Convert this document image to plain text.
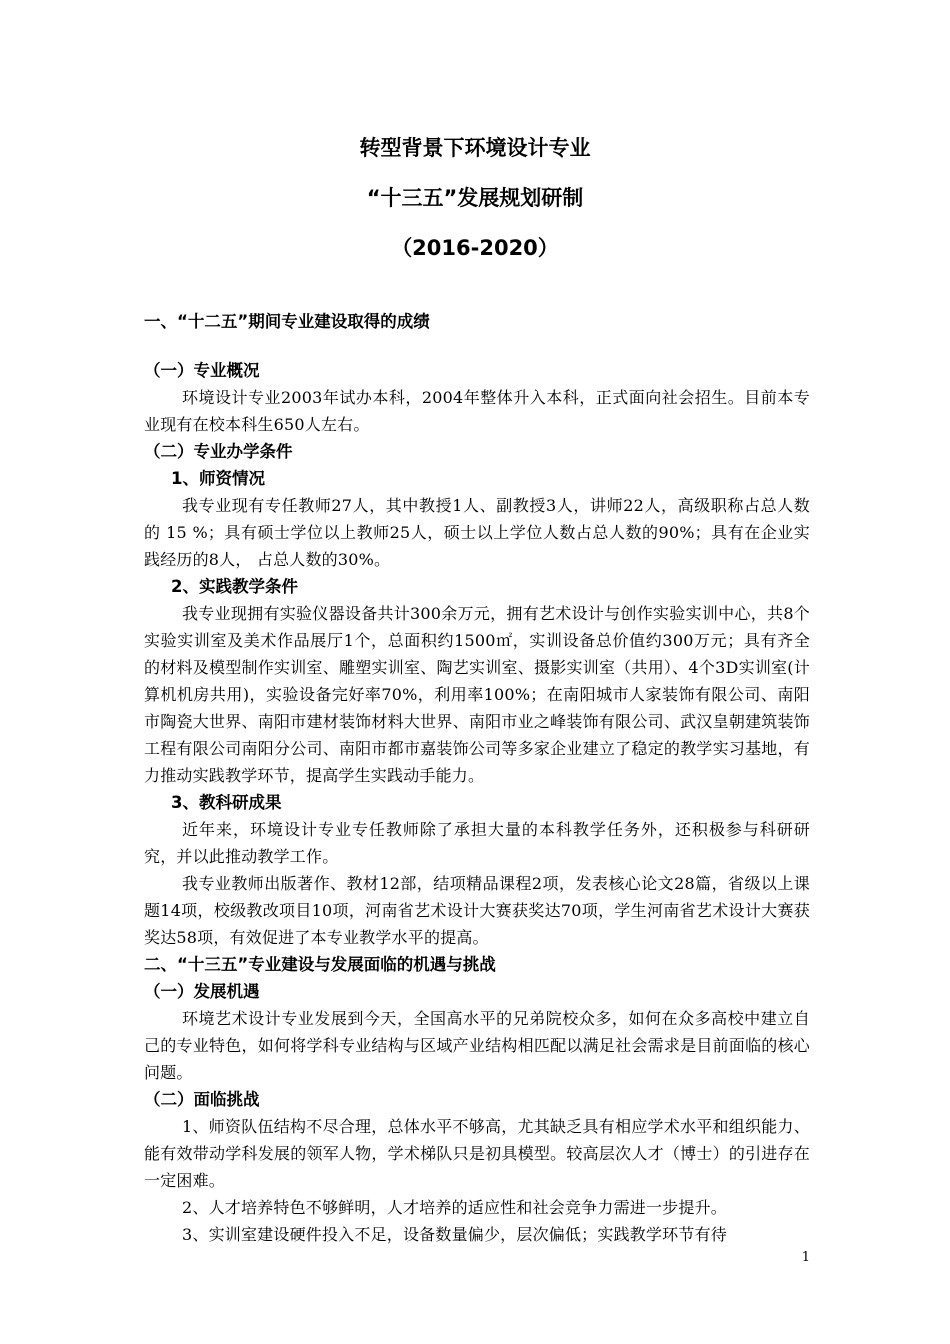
转型背景下环境设计专业
“十三五”发展规划研制
（2016-2020）
一、“十二五”期间专业建设取得的成绩
（一）专业概况
环境设计专业2003年试办本科，2004年整体升入本科，正式面向社会招生。目前本专业现有在校本科生650人左右。
（二）专业办学条件
1、师资情况
我专业现有专任教师27人，其中教授1人、副教授3人，讲师22人，高级职称占总人数的 15 %；具有硕士学位以上教师25人，硕士以上学位人数占总人数的90%；具有在企业实践经历的8人， 占总人数的30%。
2、实践教学条件
我专业现拥有实验仪器设备共计300余万元，拥有艺术设计与创作实验实训中心，共8个实验实训室及美术作品展厅1个，总面积约1500㎡，实训设备总价值约300万元；具有齐全的材料及模型制作实训室、雕塑实训室、陶艺实训室、摄影实训室（共用）、4个3D实训室(计算机机房共用)，实验设备完好率70%，利用率100%；在南阳城市人家装饰有限公司、南阳市陶瓷大世界、南阳市建材装饰材料大世界、南阳市业之峰装饰有限公司、武汉皇朝建筑装饰工程有限公司南阳分公司、南阳市都市嘉装饰公司等多家企业建立了稳定的教学实习基地，有力推动实践教学环节，提高学生实践动手能力。
3、教科研成果
近年来，环境设计专业专任教师除了承担大量的本科教学任务外，还积极参与科研研究，并以此推动教学工作。
我专业教师出版著作、教材12部，结项精品课程2项，发表核心论文28篇，省级以上课题14项，校级教改项目10项，河南省艺术设计大赛获奖达70项，学生河南省艺术设计大赛获奖达58项，有效促进了本专业教学水平的提高。
二、“十三五”专业建设与发展面临的机遇与挑战
（一）发展机遇
环境艺术设计专业发展到今天，全国高水平的兄弟院校众多，如何在众多高校中建立自己的专业特色，如何将学科专业结构与区域产业结构相匹配以满足社会需求是目前面临的核心问题。
（二）面临挑战
1、师资队伍结构不尽合理，总体水平不够高，尤其缺乏具有相应学术水平和组织能力、能有效带动学科发展的领军人物，学术梯队只是初具模型。较高层次人才（博士）的引进存在一定困难。
2、人才培养特色不够鲜明，人才培养的适应性和社会竞争力需进一步提升。
3、实训室建设硬件投入不足，设备数量偏少，层次偏低；实践教学环节有待
1
